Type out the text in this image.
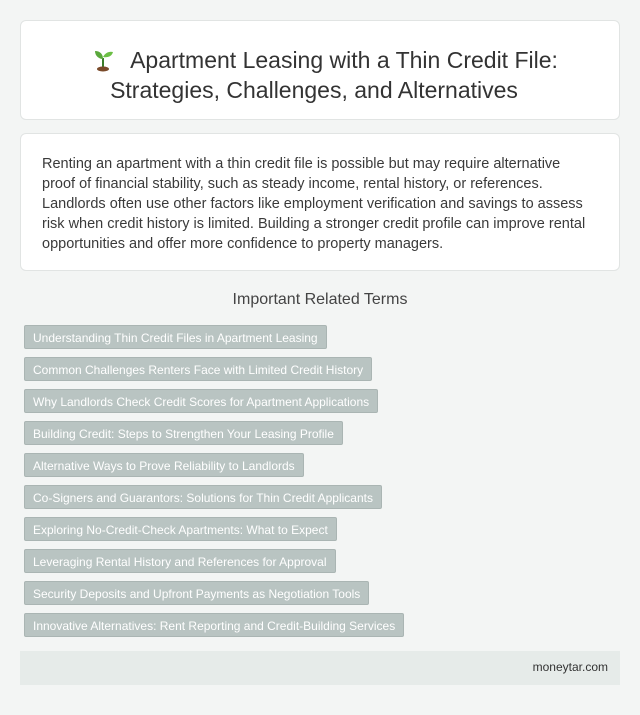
Apartment Leasing with a Thin Credit File:
Strategies, Challenges, and Alternatives
Renting an apartment with a thin credit file is possible but may require alternative proof of financial stability, such as steady income, rental history, or references. Landlords often use other factors like employment verification and savings to assess risk when credit history is limited. Building a stronger credit profile can improve rental opportunities and offer more confidence to property managers.
Important Related Terms
Understanding Thin Credit Files in Apartment Leasing
Common Challenges Renters Face with Limited Credit History
Why Landlords Check Credit Scores for Apartment Applications
Building Credit: Steps to Strengthen Your Leasing Profile
Alternative Ways to Prove Reliability to Landlords
Co-Signers and Guarantors: Solutions for Thin Credit Applicants
Exploring No-Credit-Check Apartments: What to Expect
Leveraging Rental History and References for Approval
Security Deposits and Upfront Payments as Negotiation Tools
Innovative Alternatives: Rent Reporting and Credit-Building Services
moneytar.com
